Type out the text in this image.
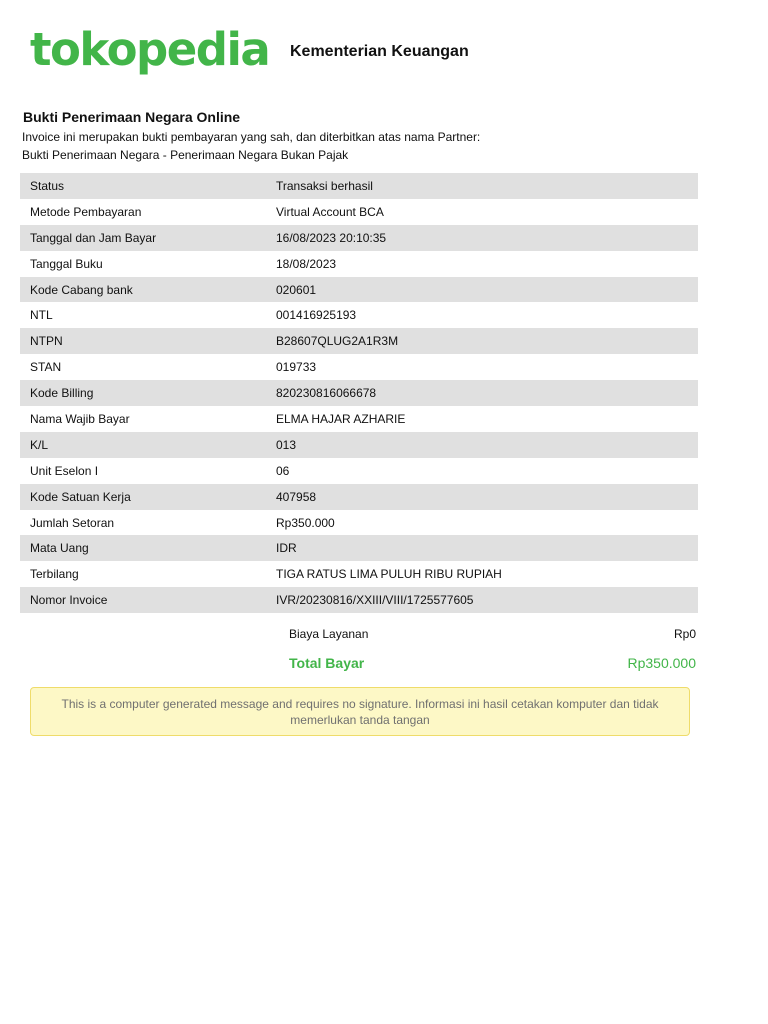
tokopedia Kementerian Keuangan
Bukti Penerimaan Negara Online
Invoice ini merupakan bukti pembayaran yang sah, dan diterbitkan atas nama Partner:
Bukti Penerimaan Negara - Penerimaan Negara Bukan Pajak
Status	Transaksi berhasil
Metode Pembayaran	Virtual Account BCA
Tanggal dan Jam Bayar	16/08/2023 20:10:35
Tanggal Buku	18/08/2023
Kode Cabang bank	020601
NTL	001416925193
NTPN	B28607QLUG2A1R3M
STAN	019733
Kode Billing	820230816066678
Nama Wajib Bayar	ELMA HAJAR AZHARIE
K/L	013
Unit Eselon I	06
Kode Satuan Kerja	407958
Jumlah Setoran	Rp350.000
Mata Uang	IDR
Terbilang	TIGA RATUS LIMA PULUH RIBU RUPIAH
Nomor Invoice	IVR/20230816/XXIII/VIII/1725577605
Biaya Layanan	Rp0
Total Bayar	Rp350.000
This is a computer generated message and requires no signature. Informasi ini hasil cetakan komputer dan tidak memerlukan tanda tangan
